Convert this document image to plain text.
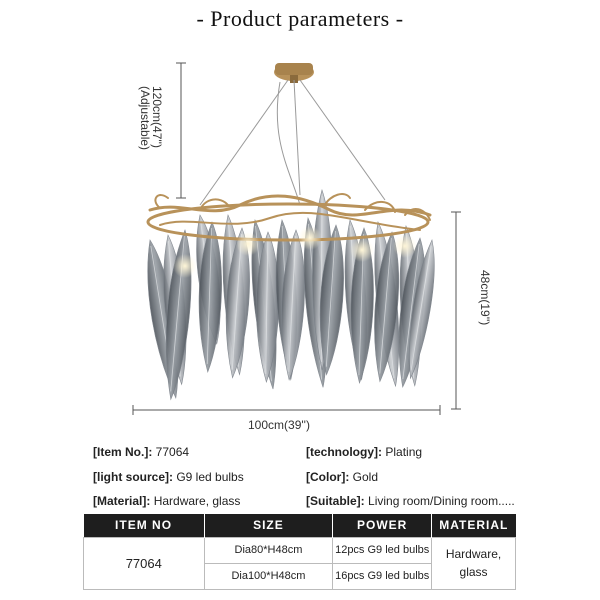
- Product parameters -
120cm(47'')
(Adjustable)
48cm(19'')
100cm(39'')
[Item No.]: 77064	[technology]: Plating
[light source]: G9 led bulbs	[Color]: Gold
[Material]: Hardware, glass	[Suitable]: Living room/Dining room.....
ITEM NO	SIZE	POWER	MATERIAL
77064	Dia80*H48cm	12pcs G9 led bulbs	Hardware,
glass

	Dia100*H48cm	16pcs G9 led bulbs	
